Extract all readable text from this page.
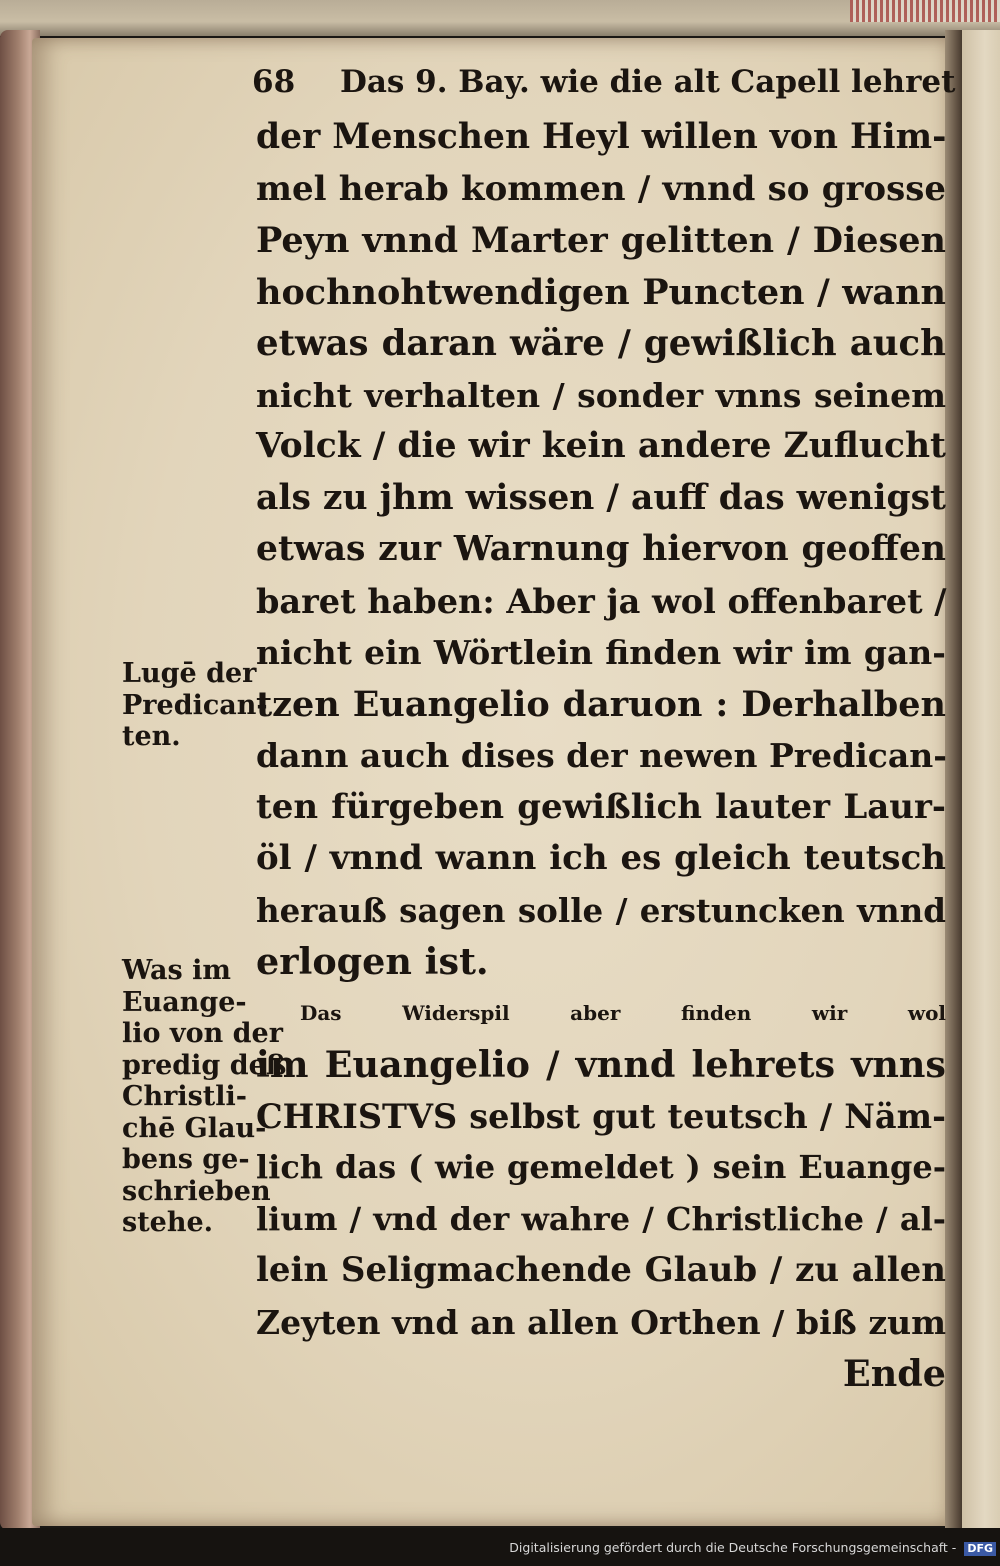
68 Das 9. Bay. wie die alt Capell lehret
der Menschen Heyl willen von Him-
mel herab kommen / vnnd so grosse
Peyn vnnd Marter gelitten / Diesen
hochnohtwendigen Puncten / wann
etwas daran wäre / gewißlich auch
nicht verhalten / sonder vnns seinem
Volck / die wir kein andere Zuflucht
als zu jhm wissen / auff das wenigst
etwas zur Warnung hiervon geoffen
baret haben: Aber ja wol offenbaret /
nicht ein Wörtlein finden wir im gan-
tzen Euangelio daruon : Derhalben
dann auch dises der newen Predican-
ten fürgeben gewißlich lauter Laur-
öl / vnnd wann ich es gleich teutsch
herauß sagen solle / erstuncken vnnd
erlogen ist.
Das Widerspil aber finden wir wol
im Euangelio / vnnd lehrets vnns
CHRISTVS selbst gut teutsch / Näm-
lich das ( wie gemeldet ) sein Euange-
lium / vnd der wahre / Christliche / al-
lein Seligmachende Glaub / zu allen
Zeyten vnd an allen Orthen / biß zum
Ende
Lugē der
Predican-
ten.
Was im
Euange-
lio von der
predig deß
Christli-
chē Glau-
bens ge-
schrieben
stehe.
Digitalisierung gefördert durch die Deutsche Forschungsgemeinschaft - DFG
